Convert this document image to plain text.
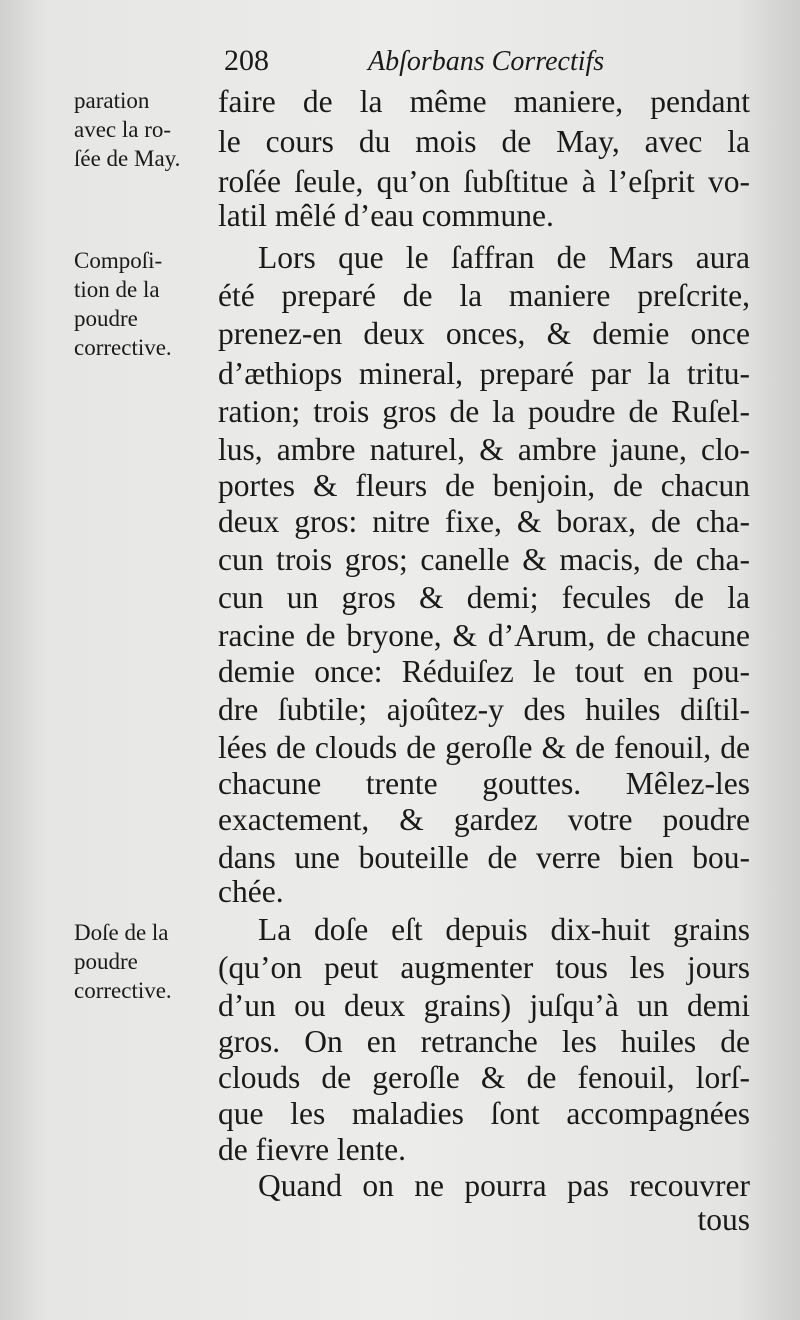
208	Abſorbans Correctifs
paration
avec la ro-
ſée de May.
Compoſi-
tion de la
poudre
corrective.
Doſe de la
poudre
corrective.
faire de la même maniere, pendant
le cours du mois de May, avec la
roſée ſeule, qu’on ſubſtitue à l’eſprit vo-
latil mêlé d’eau commune.
Lors que le ſaffran de Mars aura
été preparé de la maniere preſcrite,
prenez-en deux onces, & demie once
d’æthiops mineral, preparé par la tritu-
ration; trois gros de la poudre de Ruſel-
lus, ambre naturel, & ambre jaune, clo-
portes & fleurs de benjoin, de chacun
deux gros: nitre fixe, & borax, de cha-
cun trois gros; canelle & macis, de cha-
cun un gros & demi; fecules de la
racine de bryone, & d’Arum, de chacune
demie once: Réduiſez le tout en pou-
dre ſubtile; ajoûtez-y des huiles diſtil-
lées de clouds de geroſle & de fenouil, de
chacune trente gouttes. Mêlez-les
exactement, & gardez votre poudre
dans une bouteille de verre bien bou-
chée.
La doſe eſt depuis dix-huit grains
(qu’on peut augmenter tous les jours
d’un ou deux grains) juſqu’à un demi
gros. On en retranche les huiles de
clouds de geroſle & de fenouil, lorſ-
que les maladies ſont accompagnées
de fievre lente.
Quand on ne pourra pas recouvrer
tous
